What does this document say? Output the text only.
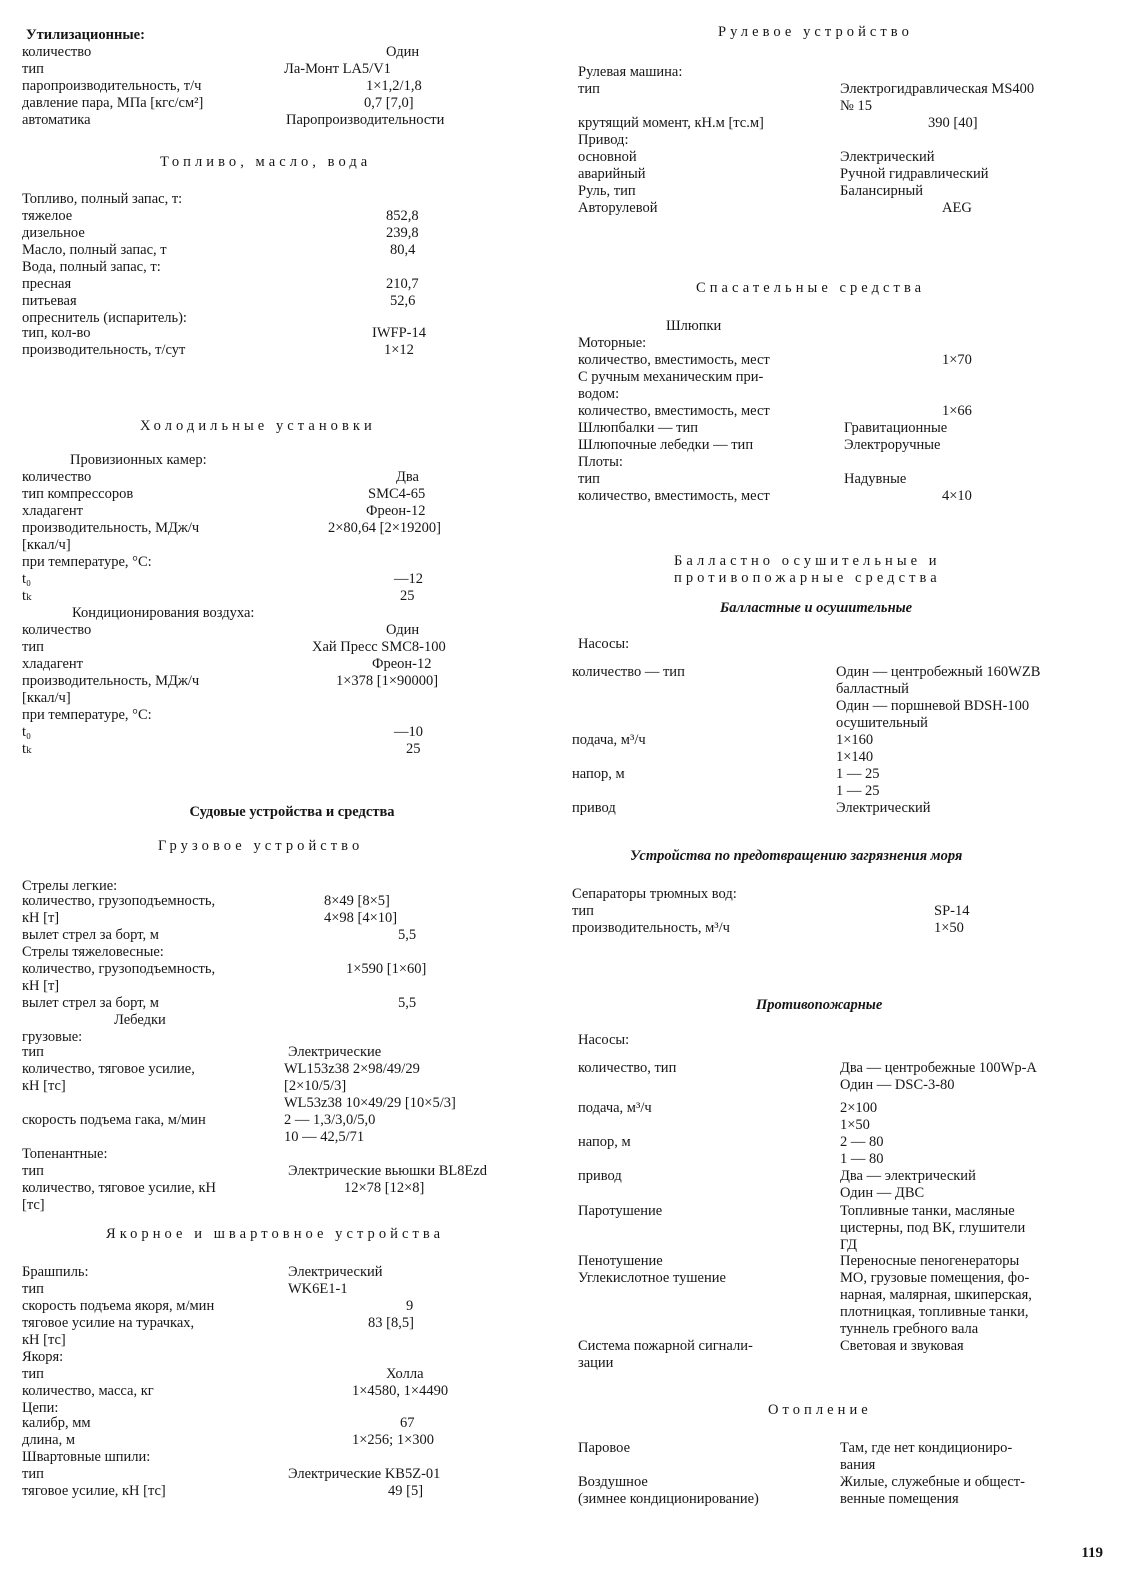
Утилизационные:
количество	Один
тип	Ла-Монт LA5/V1
паропроизводительность, т/ч	1×1,2/1,8
давление пара, МПа [кгс/см²]	0,7 [7,0]
автоматика	Паропроизводительности
Топливо, масло, вода
Топливо, полный запас, т:
тяжелое	852,8
дизельное	239,8
Масло, полный запас, т	80,4
Вода, полный запас, т:
пресная	210,7
питьевая	52,6
опреснитель (испаритель):
тип, кол-во	IWFP-14
производительность, т/сут	1×12
Холодильные установки
Провизионных камер:
количество	Два
тип компрессоров	SMC4-65
хладагент	Фреон-12
производительность, МДж/ч	2×80,64 [2×19200]
[ккал/ч]
при температуре, °С:
t₀	—12
tₖ	25
Кондиционирования воздуха:
количество	Один
тип	Хай Пресс SMC8-100
хладагент	Фреон-12
производительность, МДж/ч	1×378 [1×90000]
[ккал/ч]
при температуре, °С:
t₀	—10
tₖ	25
Судовые устройства и средства
Грузовое устройство
Стрелы легкие:
количество, грузоподъемность,	8×49 [8×5]
кН [т]	4×98 [4×10]
вылет стрел за борт, м	5,5
Стрелы тяжеловесные:
количество, грузоподъемность,	1×590 [1×60]
кН [т]
вылет стрел за борт, м	5,5
Лебедки
грузовые:
тип	Электрические
количество, тяговое усилие,	WL153z38 2×98/49/29
кН [тс]	[2×10/5/3]
WL53z38 10×49/29 [10×5/3]
скорость подъема гака, м/мин	2 — 1,3/3,0/5,0
10 — 42,5/71
Топенантные:
тип	Электрические вьюшки BL8Ezd
количество, тяговое усилие, кН	12×78 [12×8]
[тс]
Якорное и швартовное устройства
Брашпиль:	Электрический
тип	WK6E1-1
скорость подъема якоря, м/мин	9
тяговое усилие на турачках,	83 [8,5]
кН [тс]
Якоря:
тип	Холла
количество, масса, кг	1×4580, 1×4490
Цепи:
калибр, мм	67
длина, м	1×256; 1×300
Швартовные шпили:
тип	Электрические KB5Z-01
тяговое усилие, кН [тс]	49 [5]
Рулевое устройство
Рулевая машина:
тип	Электрогидравлическая MS400
№ 15
крутящий момент, кН.м [тс.м]	390 [40]
Привод:
основной	Электрический
аварийный	Ручной гидравлический
Руль, тип	Балансирный
Авторулевой	AEG
Спасательные средства
Шлюпки
Моторные:
количество, вместимость, мест	1×70
С ручным механическим при-
водом:
количество, вместимость, мест	1×66
Шлюпбалки — тип	Гравитационные
Шлюпочные лебедки — тип	Электроручные
Плоты:
тип	Надувные
количество, вместимость, мест	4×10
Балластно осушительные и
противопожарные средства
Балластные и осушительные
Насосы:
количество — тип	Один — центробежный 160WZB
балластный
Один — поршневой BDSH-100
осушительный
подача, м³/ч	1×160
1×140
напор, м	1 — 25
1 — 25
привод	Электрический
Устройства по предотвращению загрязнения моря
Сепараторы трюмных вод:
тип	SP-14
производительность, м³/ч	1×50
Противопожарные
Насосы:
количество, тип	Два — центробежные 100Wp-A
Один — DSC-3-80
подача, м³/ч	2×100
1×50
напор, м	2 — 80
1 — 80
привод	Два — электрический
Один — ДВС
Паротушение	Топливные танки, масляные
цистерны, под ВК, глушители
ГД
Пенотушение	Переносные пеногенераторы
Углекислотное тушение	МО, грузовые помещения, фо-
нарная, малярная, шкиперская,
плотницкая, топливные танки,
туннель гребного вала
Система пожарной сигнали-	Световая и звуковая
зации
Отопление
Паровое	Там, где нет кондициониро-
вания
Воздушное	Жилые, служебные и общест-
(зимнее кондиционирование)	венные помещения
119
